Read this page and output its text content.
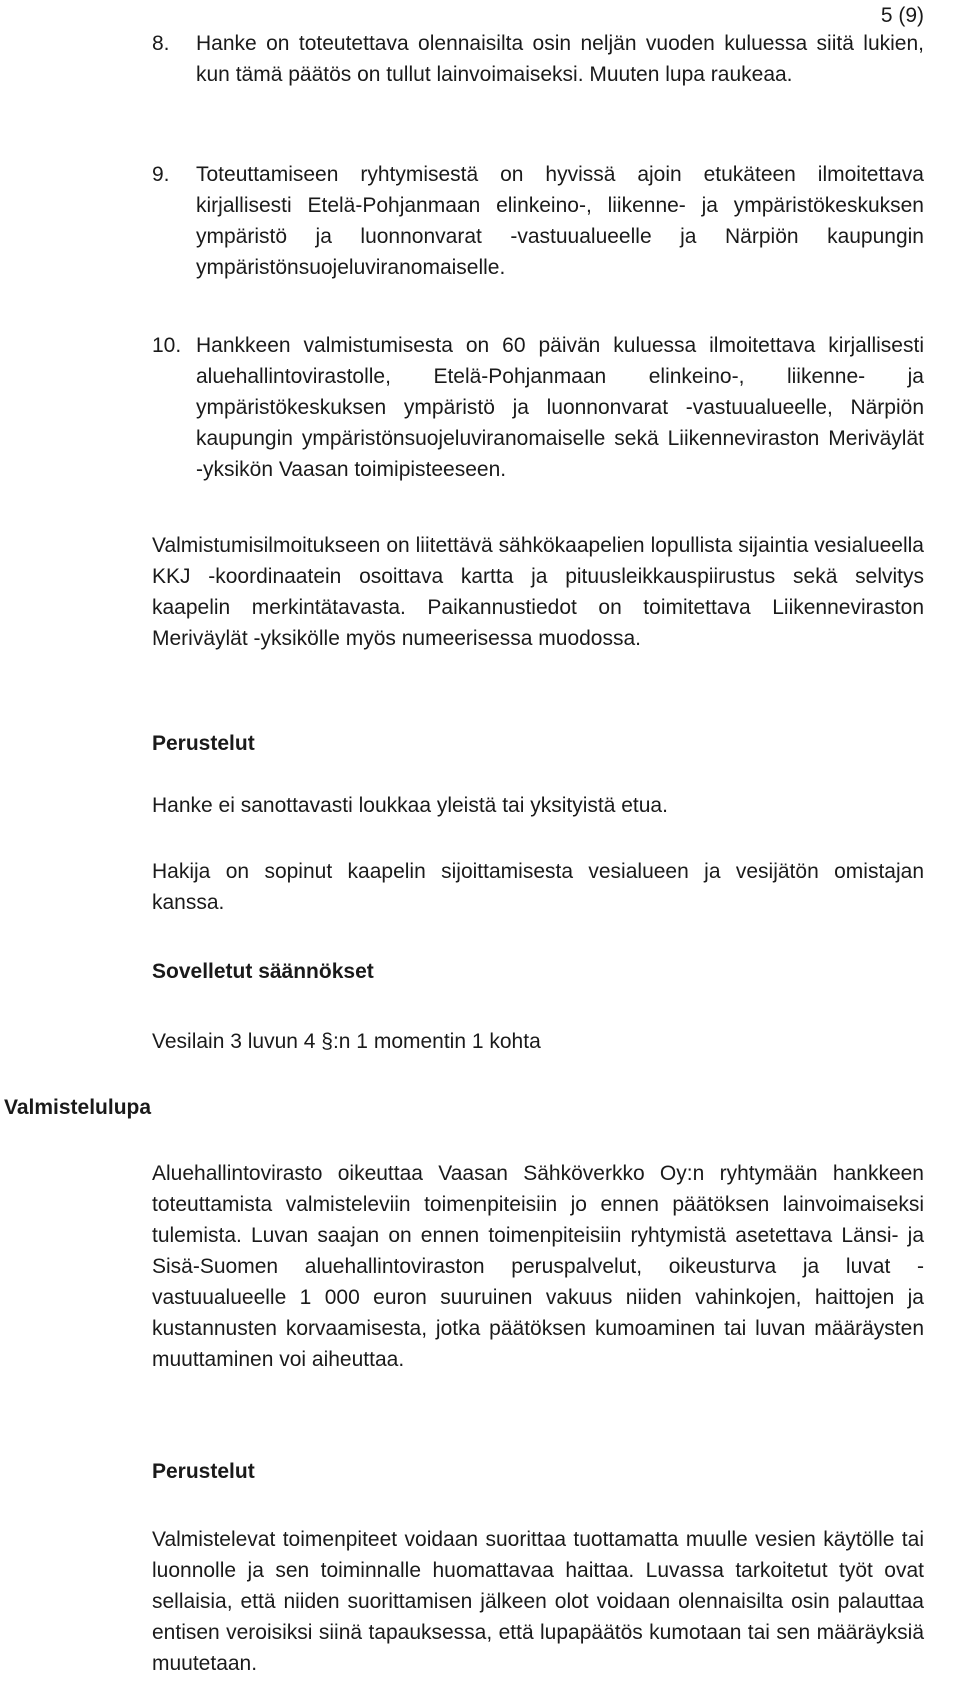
5 (9)
8. Hanke on toteutettava olennaisilta osin neljän vuoden kuluessa siitä lukien, kun tämä päätös on tullut lainvoimaiseksi. Muuten lupa raukeaa.
9. Toteuttamiseen ryhtymisestä on hyvissä ajoin etukäteen ilmoitettava kirjallisesti Etelä-Pohjanmaan elinkeino-, liikenne- ja ympäristökeskuksen ympäristö ja luonnonvarat -vastuualueelle ja Närpiön kaupungin ympäristönsuojeluviranomaiselle.
10. Hankkeen valmistumisesta on 60 päivän kuluessa ilmoitettava kirjallisesti aluehallintovirastolle, Etelä-Pohjanmaan elinkeino-, liikenne- ja ympäristökeskuksen ympäristö ja luonnonvarat -vastuualueelle, Närpiön kaupungin ympäristönsuojeluviranomaiselle sekä Liikenneviraston Meriväylät -yksikön Vaasan toimipisteeseen.
Valmistumisilmoitukseen on liitettävä sähkökaapelien lopullista sijaintia vesialueella KKJ -koordinaatein osoittava kartta ja pituusleikkauspiirustus sekä selvitys kaapelin merkintätavasta. Paikannustiedot on toimitettava Liikenneviraston Meriväylät -yksikölle myös numeerisessa muodossa.
Perustelut
Hanke ei sanottavasti loukkaa yleistä tai yksityistä etua.
Hakija on sopinut kaapelin sijoittamisesta vesialueen ja vesijätön omistajan kanssa.
Sovelletut säännökset
Vesilain 3 luvun 4 §:n 1 momentin 1 kohta
Valmistelulupa
Aluehallintovirasto oikeuttaa Vaasan Sähköverkko Oy:n ryhtymään hankkeen toteuttamista valmisteleviin toimenpiteisiin jo ennen päätöksen lainvoimaiseksi tulemista. Luvan saajan on ennen toimenpiteisiin ryhtymistä asetettava Länsi- ja Sisä-Suomen aluehallintoviraston peruspalvelut, oikeusturva ja luvat -vastuualueelle 1 000 euron suuruinen vakuus niiden vahinkojen, haittojen ja kustannusten korvaamisesta, jotka päätöksen kumoaminen tai luvan määräysten muuttaminen voi aiheuttaa.
Perustelut
Valmistelevat toimenpiteet voidaan suorittaa tuottamatta muulle vesien käytölle tai luonnolle ja sen toiminnalle huomattavaa haittaa. Luvassa tarkoitetut työt ovat sellaisia, että niiden suorittamisen jälkeen olot voidaan olennaisilta osin palauttaa entisen veroisiksi siinä tapauksessa, että lupapäätös kumotaan tai sen määräyksiä muutetaan.
